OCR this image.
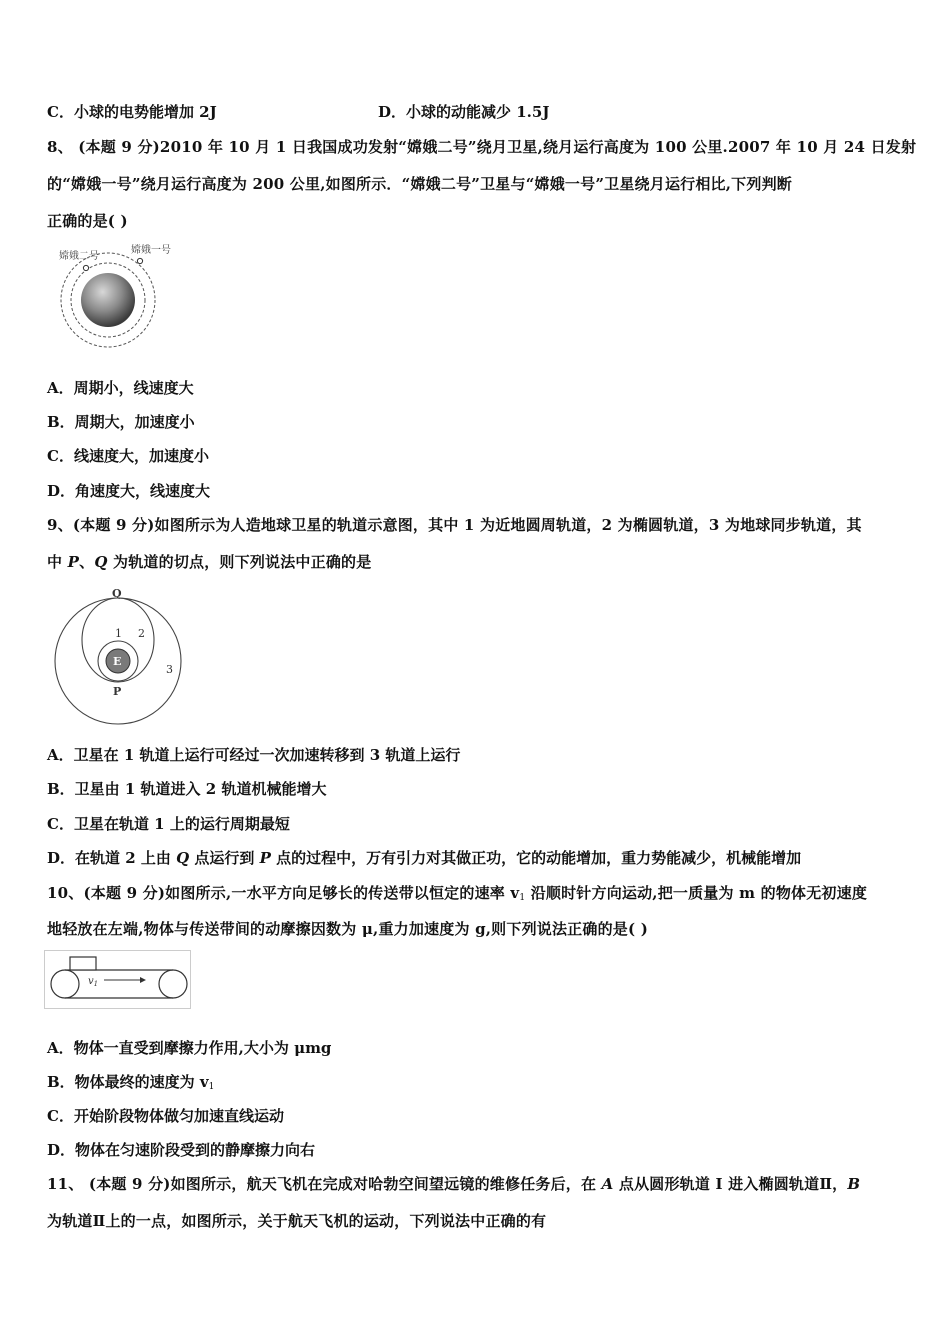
C．小球的电势能增加 2J	D．小球的动能减少 1.5J
8、 (本题 9 分)2010 年 10 月 1 日我国成功发射“嫦娥二号”绕月卫星,绕月运行高度为 100 公里.2007 年 10 月 24 日发射
的“嫦娥一号”绕月运行高度为 200 公里,如图所示．“嫦娥二号”卫星与“嫦娥一号”卫星绕月运行相比,下列判断
正确的是( )
嫦娥二号
嫦娥一号
A．周期小，线速度大
B．周期大，加速度小
C．线速度大，加速度小
D．角速度大，线速度大
9、(本题 9 分)如图所示为人造地球卫星的轨道示意图，其中 1 为近地圆周轨道，2 为椭圆轨道，3 为地球同步轨道，其
中 P、Q 为轨道的切点，则下列说法中正确的是
E
Q
P
1 2
3
A．卫星在 1 轨道上运行可经过一次加速转移到 3 轨道上运行
B．卫星由 1 轨道进入 2 轨道机械能增大
C．卫星在轨道 1 上的运行周期最短
D．在轨道 2 上由 Q 点运行到 P 点的过程中，万有引力对其做正功，它的动能增加，重力势能减少，机械能增加
10、(本题 9 分)如图所示,一水平方向足够长的传送带以恒定的速率 $v_1$ 沿顺时针方向运动,把一质量为 m 的物体无初速度
地轻放在左端,物体与传送带间的动摩擦因数为 μ,重力加速度为 g,则下列说法正确的是( )
$v_1$
A．物体一直受到摩擦力作用,大小为 μmg
B．物体最终的速度为 $v_1$
C．开始阶段物体做匀加速直线运动
D．物体在匀速阶段受到的静摩擦力向右
11、 (本题 9 分)如图所示，航天飞机在完成对哈勃空间望远镜的维修任务后，在 A 点从圆形轨道 I 进入椭圆轨道Ⅱ，B
为轨道Ⅱ上的一点，如图所示，关于航天飞机的运动，下列说法中正确的有
